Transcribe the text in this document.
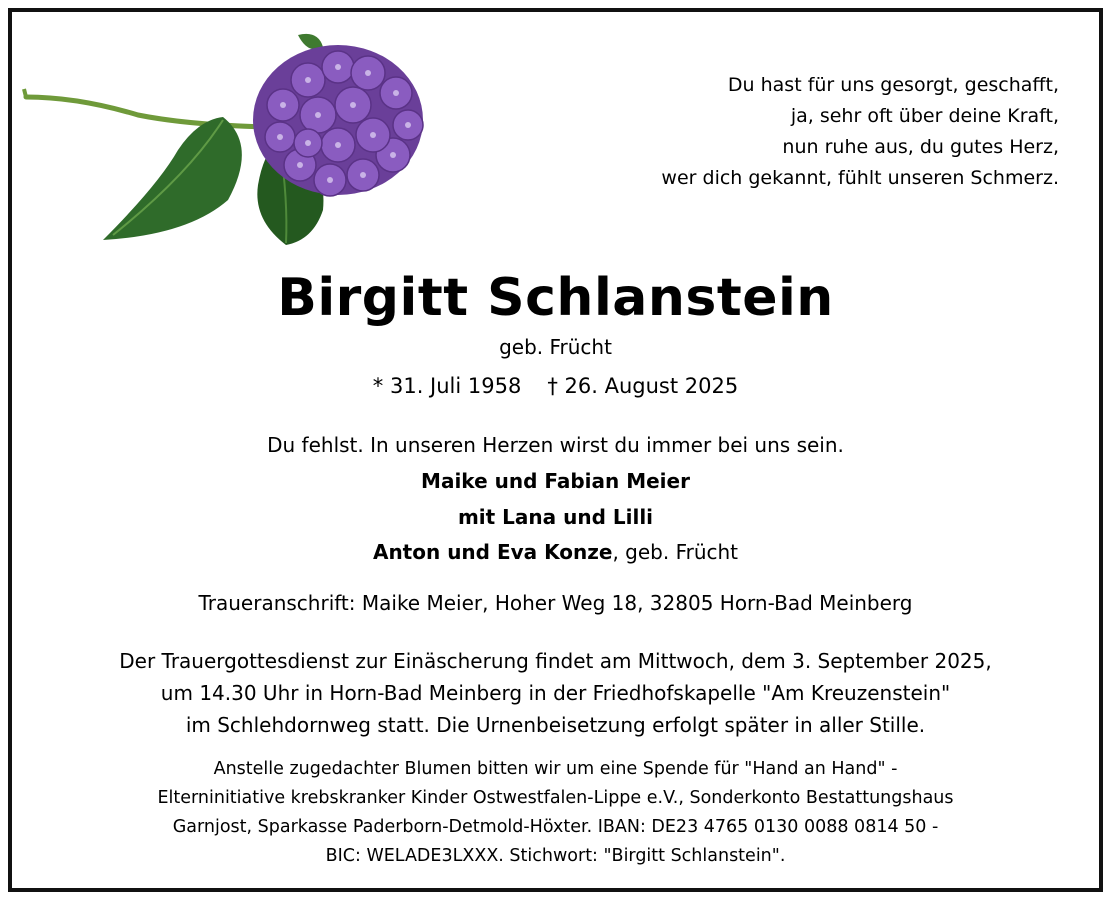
Du hast für uns gesorgt, geschafft,
ja, sehr oft über deine Kraft,
nun ruhe aus, du gutes Herz,
wer dich gekannt, fühlt unseren Schmerz.
Birgitt Schlanstein
geb. Frücht
* 31. Juli 1958 † 26. August 2025
Du fehlst. In unseren Herzen wirst du immer bei uns sein.
Maike und Fabian Meier
mit Lana und Lilli
Anton und Eva Konze, geb. Frücht
Traueranschrift: Maike Meier, Hoher Weg 18, 32805 Horn-Bad Meinberg
Der Trauergottesdienst zur Einäscherung findet am Mittwoch, dem 3. September 2025,
um 14.30 Uhr in Horn-Bad Meinberg in der Friedhofskapelle "Am Kreuzenstein"
im Schlehdornweg statt. Die Urnenbeisetzung erfolgt später in aller Stille.
Anstelle zugedachter Blumen bitten wir um eine Spende für "Hand an Hand" -
Elterninitiative krebskranker Kinder Ostwestfalen-Lippe e.V., Sonderkonto Bestattungshaus
Garnjost, Sparkasse Paderborn-Detmold-Höxter. IBAN: DE23 4765 0130 0088 0814 50 -
BIC: WELADE3LXXX. Stichwort: "Birgitt Schlanstein".
